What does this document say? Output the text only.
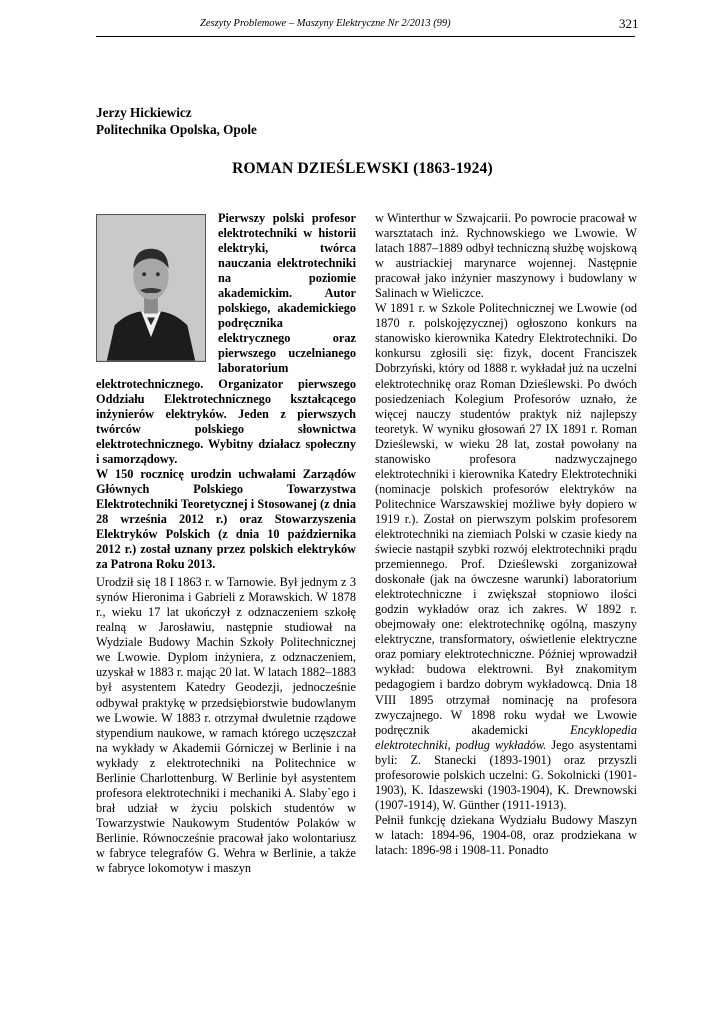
Zeszyty Problemowe – Maszyny Elektryczne Nr 2/2013 (99)	321
Jerzy Hickiewicz
Politechnika Opolska, Opole
ROMAN DZIEŚLEWSKI (1863-1924)

Pierwszy polski profesor elektrotechniki w historii elektryki, twórca nauczania elektrotechniki na poziomie akademickim. Autor polskiego, akademickiego podręcznika elektrycznego oraz pierwszego uczelnianego laboratorium elektrotechnicznego. Organizator pierwszego Oddziału Elektrotechnicznego kształcącego inżynierów elektryków. Jeden z pierwszych twórców polskiego słownictwa elektrotechnicznego. Wybitny działacz społeczny i samorządowy.

W 150 rocznicę urodzin uchwałami Zarządów Głównych Polskiego Towarzystwa Elektrotechniki Teoretycznej i Stosowanej (z dnia 28 września 2012 r.) oraz Stowarzyszenia Elektryków Polskich (z dnia 10 października 2012 r.) został uznany przez polskich elektryków za Patrona Roku 2013.

Urodził się 18 I 1863 r. w Tarnowie. Był jednym z 3 synów Hieronima i Gabrieli z Morawskich. W 1878 r., wieku 17 lat ukończył z odznaczeniem szkołę realną w Jarosławiu, następnie studiował na Wydziale Budowy Machin Szkoły Politechnicznej we Lwowie. Dyplom inżyniera, z odznaczeniem, uzyskał w 1883 r. mając 20 lat. W latach 1882–1883 był asystentem Katedry Geodezji, jednocześnie odbywał praktykę w przedsiębiorstwie budowlanym we Lwowie. W 1883 r. otrzymał dwuletnie rządowe stypendium naukowe, w ramach którego uczęszczał na wykłady w Akademii Górniczej w Berlinie i na wykłady z elektrotechniki na Politechnice w Berlinie Charlottenburg. W Berlinie był asystentem profesora elektrotechniki i mechaniki A. Slaby`ego i brał udział w życiu polskich studentów w Towarzystwie Naukowym Studentów Polaków w Berlinie. Równocześnie pracował jako wolontariusz w fabryce telegrafów G. Wehra w Berlinie, a także w fabryce lokomotyw i maszyn

w Winterthur w Szwajcarii. Po powrocie pracował w warsztatach inż. Rychnowskiego we Lwowie. W latach 1887–1889 odbył techniczną służbę wojskową w austriackiej marynarce wojennej. Następnie pracował jako inżynier maszynowy i budowlany w Salinach w Wieliczce.

W 1891 r. w Szkole Politechnicznej we Lwowie (od 1870 r. polskojęzycznej) ogłoszono konkurs na stanowisko kierownika Katedry Elektrotechniki. Do konkursu zgłosili się: fizyk, docent Franciszek Dobrzyński, który od 1888 r. wykładał już na uczelni elektrotechnikę oraz Roman Dzieślewski. Po dwóch posiedzeniach Kolegium Profesorów uznało, że więcej nauczy studentów praktyk niż najlepszy teoretyk. W wyniku głosowań 27 IX 1891 r. Roman Dzieślewski, w wieku 28 lat, został powołany na stanowisko profesora nadzwyczajnego elektrotechniki i kierownika Katedry Elektrotechniki (nominacje polskich profesorów elektryków na Politechnice Warszawskiej możliwe były dopiero w 1919 r.). Został on pierwszym polskim profesorem elektrotechniki na ziemiach Polski w czasie kiedy na świecie nastąpił szybki rozwój elektrotechniki prądu przemiennego. Prof. Dzieślewski zorganizował doskonałe (jak na ówczesne warunki) laboratorium elektrotechniczne i zwiększał stopniowo ilości godzin wykładów oraz ich zakres. W 1892 r. obejmowały one: elektrotechnikę ogólną, maszyny elektryczne, transformatory, oświetlenie elektryczne oraz pomiary elektrotechniczne. Później wprowadził wykład: budowa elektrowni. Był znakomitym pedagogiem i bardzo dobrym wykładowcą. Dnia 18 VIII 1895 otrzymał nominację na profesora zwyczajnego. W 1898 roku wydał we Lwowie podręcznik akademicki	Encyklopedia elektrotechniki, podług wykładów. Jego asystentami byli: Z. Stanecki (1893-1901) oraz przyszli profesorowie polskich uczelni: G. Sokolnicki (1901-1903), K. Idaszewski (1903-1904), K. Drewnowski (1907-1914), W. Günther (1911-1913).

Pełnił funkcję dziekana Wydziału Budowy Maszyn w latach: 1894-96, 1904-08, oraz prodziekana w latach: 1896-98 i 1908-11. Ponadto
